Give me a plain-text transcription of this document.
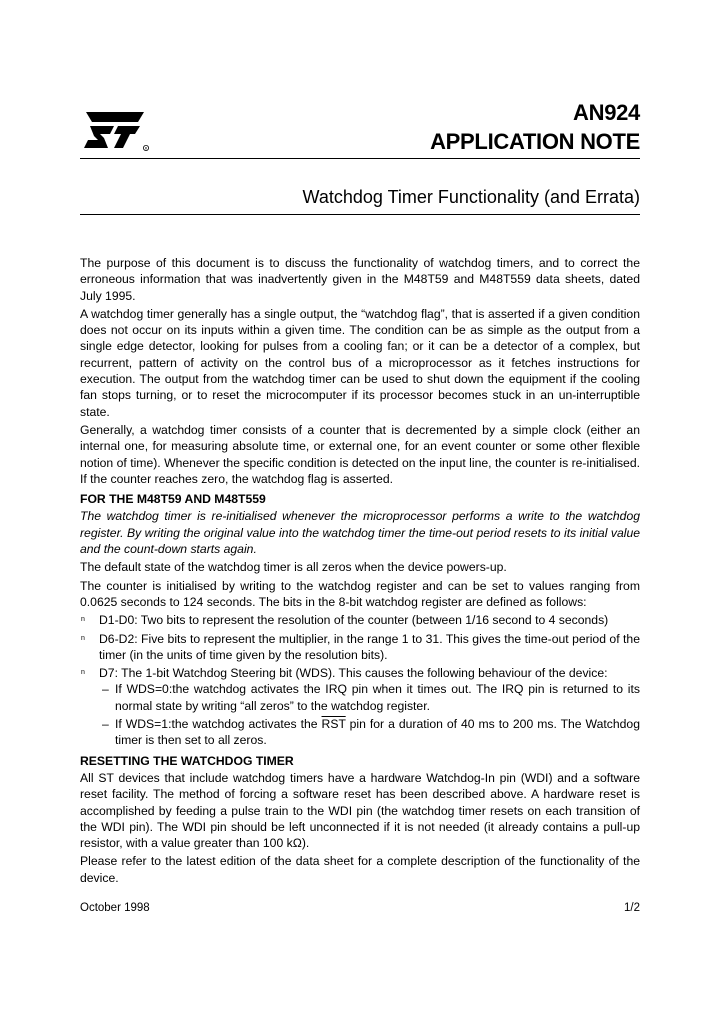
R
AN924
APPLICATION NOTE
Watchdog Timer Functionality (and Errata)

The purpose of this document is to discuss the functionality of watchdog timers, and to correct the erroneous information that was inadvertently given in the M48T59 and M48T559 data sheets, dated July 1995.

A watchdog timer generally has a single output, the “watchdog flag”, that is asserted if a given condition does not occur on its inputs within a given time. The condition can be as simple as the output from a single edge detector, looking for pulses from a cooling fan; or it can be a detector of a complex, but recurrent, pattern of activity on the control bus of a microprocessor as it fetches instructions for execution. The output from the watchdog timer can be used to shut down the equipment if the cooling fan stops turning, or to reset the microcomputer if its processor becomes stuck in an un-interruptible state.

Generally, a watchdog timer consists of a counter that is decremented by a simple clock (either an internal one, for measuring absolute time, or external one, for an event counter or some other flexible notion of time). Whenever the specific condition is detected on the input line, the counter is re-initialised. If the counter reaches zero, the watchdog flag is asserted.

FOR THE M48T59 AND M48T559

The watchdog timer is re-initialised whenever the microprocessor performs a write to the watchdog register. By writing the original value into the watchdog timer the time-out period resets to its initial value and the count-down starts again.

The default state of the watchdog timer is all zeros when the device powers-up.

The counter is initialised by writing to the watchdog register and can be set to values ranging from 0.0625 seconds to 124 seconds. The bits in the 8-bit watchdog register are defined as follows:

n D1-D0: Two bits to represent the resolution of the counter (between 1/16 second to 4 seconds)
n D6-D2: Five bits to represent the multiplier, in the range 1 to 31. This gives the time-out period of the timer (in the units of time given by the resolution bits).
n D7: The 1-bit Watchdog Steering bit (WDS). This causes the following behaviour of the device:
– If WDS=0:the watchdog activates the IRQ pin when it times out. The IRQ pin is returned to its normal state by writing “all zeros” to the watchdog register.
– If WDS=1:the watchdog activates the $\overline{RST}$ pin for a duration of 40 ms to 200 ms. The Watchdog timer is then set to all zeros.
RESETTING THE WATCHDOG TIMER

All ST devices that include watchdog timers have a hardware Watchdog-In pin (WDI) and a software reset facility. The method of forcing a software reset has been described above. A hardware reset is accomplished by feeding a pulse train to the WDI pin (the watchdog timer resets on each transition of the WDI pin). The WDI pin should be left unconnected if it is not needed (it already contains a pull-up resistor, with a value greater than 100 kΩ).

Please refer to the latest edition of the data sheet for a complete description of the functionality of the device.

October 1998	1/2
